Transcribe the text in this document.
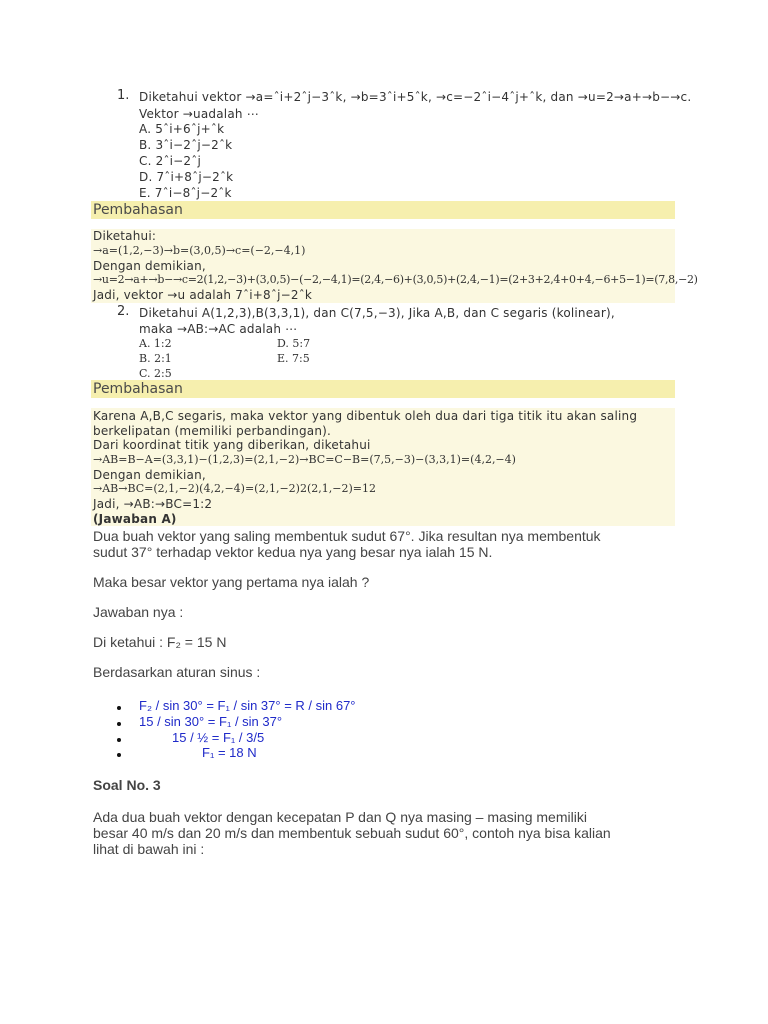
1. Diketahui vektor →a=ˆi+2ˆj−3ˆk, →b=3ˆi+5ˆk, →c=−2ˆi−4ˆj+ˆk, dan →u=2→a+→b−→c.
Vektor →uadalah ⋯
A. 5ˆi+6ˆj+ˆk
B. 3ˆi−2ˆj−2ˆk
C. 2ˆi−2ˆj
D. 7ˆi+8ˆj−2ˆk
E. 7ˆi−8ˆj−2ˆk
Pembahasan
Diketahui:
→a=(1,2,−3)→b=(3,0,5)→c=(−2,−4,1)
Dengan demikian,
→u=2→a+→b−→c=2(1,2,−3)+(3,0,5)−(−2,−4,1)=(2,4,−6)+(3,0,5)+(2,4,−1)=(2+3+2,4+0+4,−6+5−1)=(7,8,−2)
Jadi, vektor →u adalah 7ˆi+8ˆj−2ˆk
2. Diketahui A(1,2,3),B(3,3,1), dan C(7,5,−3), Jika A,B, dan C segaris (kolinear),
maka →AB:→AC adalah ⋯
A. 1:2
B. 2:1
C. 2:5
D. 5:7
E. 7:5
Pembahasan
Karena A,B,C segaris, maka vektor yang dibentuk oleh dua dari tiga titik itu akan saling
berkelipatan (memiliki perbandingan).
Dari koordinat titik yang diberikan, diketahui
→AB=B−A=(3,3,1)−(1,2,3)=(2,1,−2)→BC=C−B=(7,5,−3)−(3,3,1)=(4,2,−4)
Dengan demikian,
→AB→BC=(2,1,−2)(4,2,−4)=(2,1,−2)2(2,1,−2)=12
Jadi, →AB:→BC=1:2
(Jawaban A)
Dua buah vektor yang saling membentuk sudut 67°. Jika resultan nya membentuk
sudut 37° terhadap vektor kedua nya yang besar nya ialah 15 N.
Maka besar vektor yang pertama nya ialah ?
Jawaban nya :
Di ketahui : F₂ = 15 N
Berdasarkan aturan sinus :
F₂ / sin 30° = F₁ / sin 37° = R / sin 67°
15 / sin 30° = F₁ / sin 37°
15 / ½ = F₁ / 3/5
F₁ = 18 N
Soal No. 3
Ada dua buah vektor dengan kecepatan P dan Q nya masing – masing memiliki
besar 40 m/s dan 20 m/s dan membentuk sebuah sudut 60°, contoh nya bisa kalian
lihat di bawah ini :
